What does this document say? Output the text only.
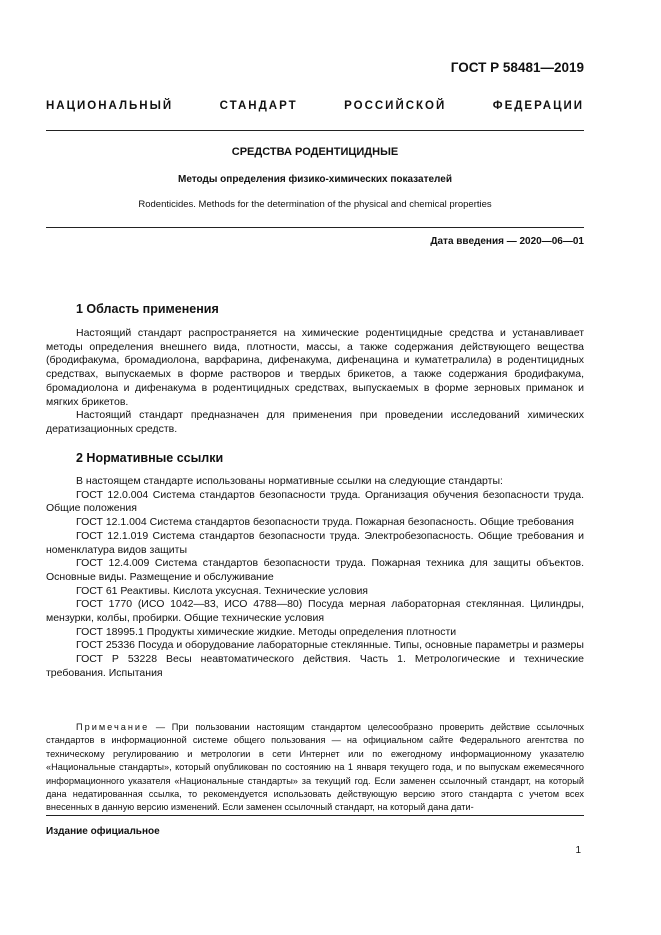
ГОСТ Р 58481—2019
НАЦИОНАЛЬНЫЙ СТАНДАРТ РОССИЙСКОЙ ФЕДЕРАЦИИ
СРЕДСТВА РОДЕНТИЦИДНЫЕ
Методы определения физико-химических показателей
Rodenticides. Methods for the determination of the physical and chemical properties
Дата введения — 2020—06—01
1 Область применения

Настоящий стандарт распространяется на химические родентицидные средства и устанавливает методы определения внешнего вида, плотности, массы, а также содержания действующего вещества (бродифакума, бромадиолона, варфарина, дифенакума, дифенацина и куматетралила) в родентицидных средствах, выпускаемых в форме растворов и твердых брикетов, а также содержания бродифакума, бромадиолона и дифенакума в родентицидных средствах, выпускаемых в форме зерновых приманок и мягких брикетов.

Настоящий стандарт предназначен для применения при проведении исследований химических дератизационных средств.

2 Нормативные ссылки

В настоящем стандарте использованы нормативные ссылки на следующие стандарты:

ГОСТ 12.0.004 Система стандартов безопасности труда. Организация обучения безопасности труда. Общие положения

ГОСТ 12.1.004 Система стандартов безопасности труда. Пожарная безопасность. Общие требования

ГОСТ 12.1.019 Система стандартов безопасности труда. Электробезопасность. Общие требования и номенклатура видов защиты

ГОСТ 12.4.009 Система стандартов безопасности труда. Пожарная техника для защиты объектов. Основные виды. Размещение и обслуживание

ГОСТ 61 Реактивы. Кислота уксусная. Технические условия

ГОСТ 1770 (ИСО 1042—83, ИСО 4788—80) Посуда мерная лабораторная стеклянная. Цилиндры, мензурки, колбы, пробирки. Общие технические условия

ГОСТ 18995.1 Продукты химические жидкие. Методы определения плотности

ГОСТ 25336 Посуда и оборудование лабораторные стеклянные. Типы, основные параметры и размеры

ГОСТ Р 53228 Весы неавтоматического действия. Часть 1. Метрологические и технические требования. Испытания

Примечание — При пользовании настоящим стандартом целесообразно проверить действие ссылочных стандартов в информационной системе общего пользования — на официальном сайте Федерального агентства по техническому регулированию и метрологии в сети Интернет или по ежегодному информационному указателю «Национальные стандарты», который опубликован по состоянию на 1 января текущего года, и по выпускам ежемесячного информационного указателя «Национальные стандарты» за текущий год. Если заменен ссылочный стандарт, на который дана недатированная ссылка, то рекомендуется использовать действующую версию этого стандарта с учетом всех внесенных в данную версию изменений. Если заменен ссылочный стандарт, на который дана дати-

Издание официальное
1
